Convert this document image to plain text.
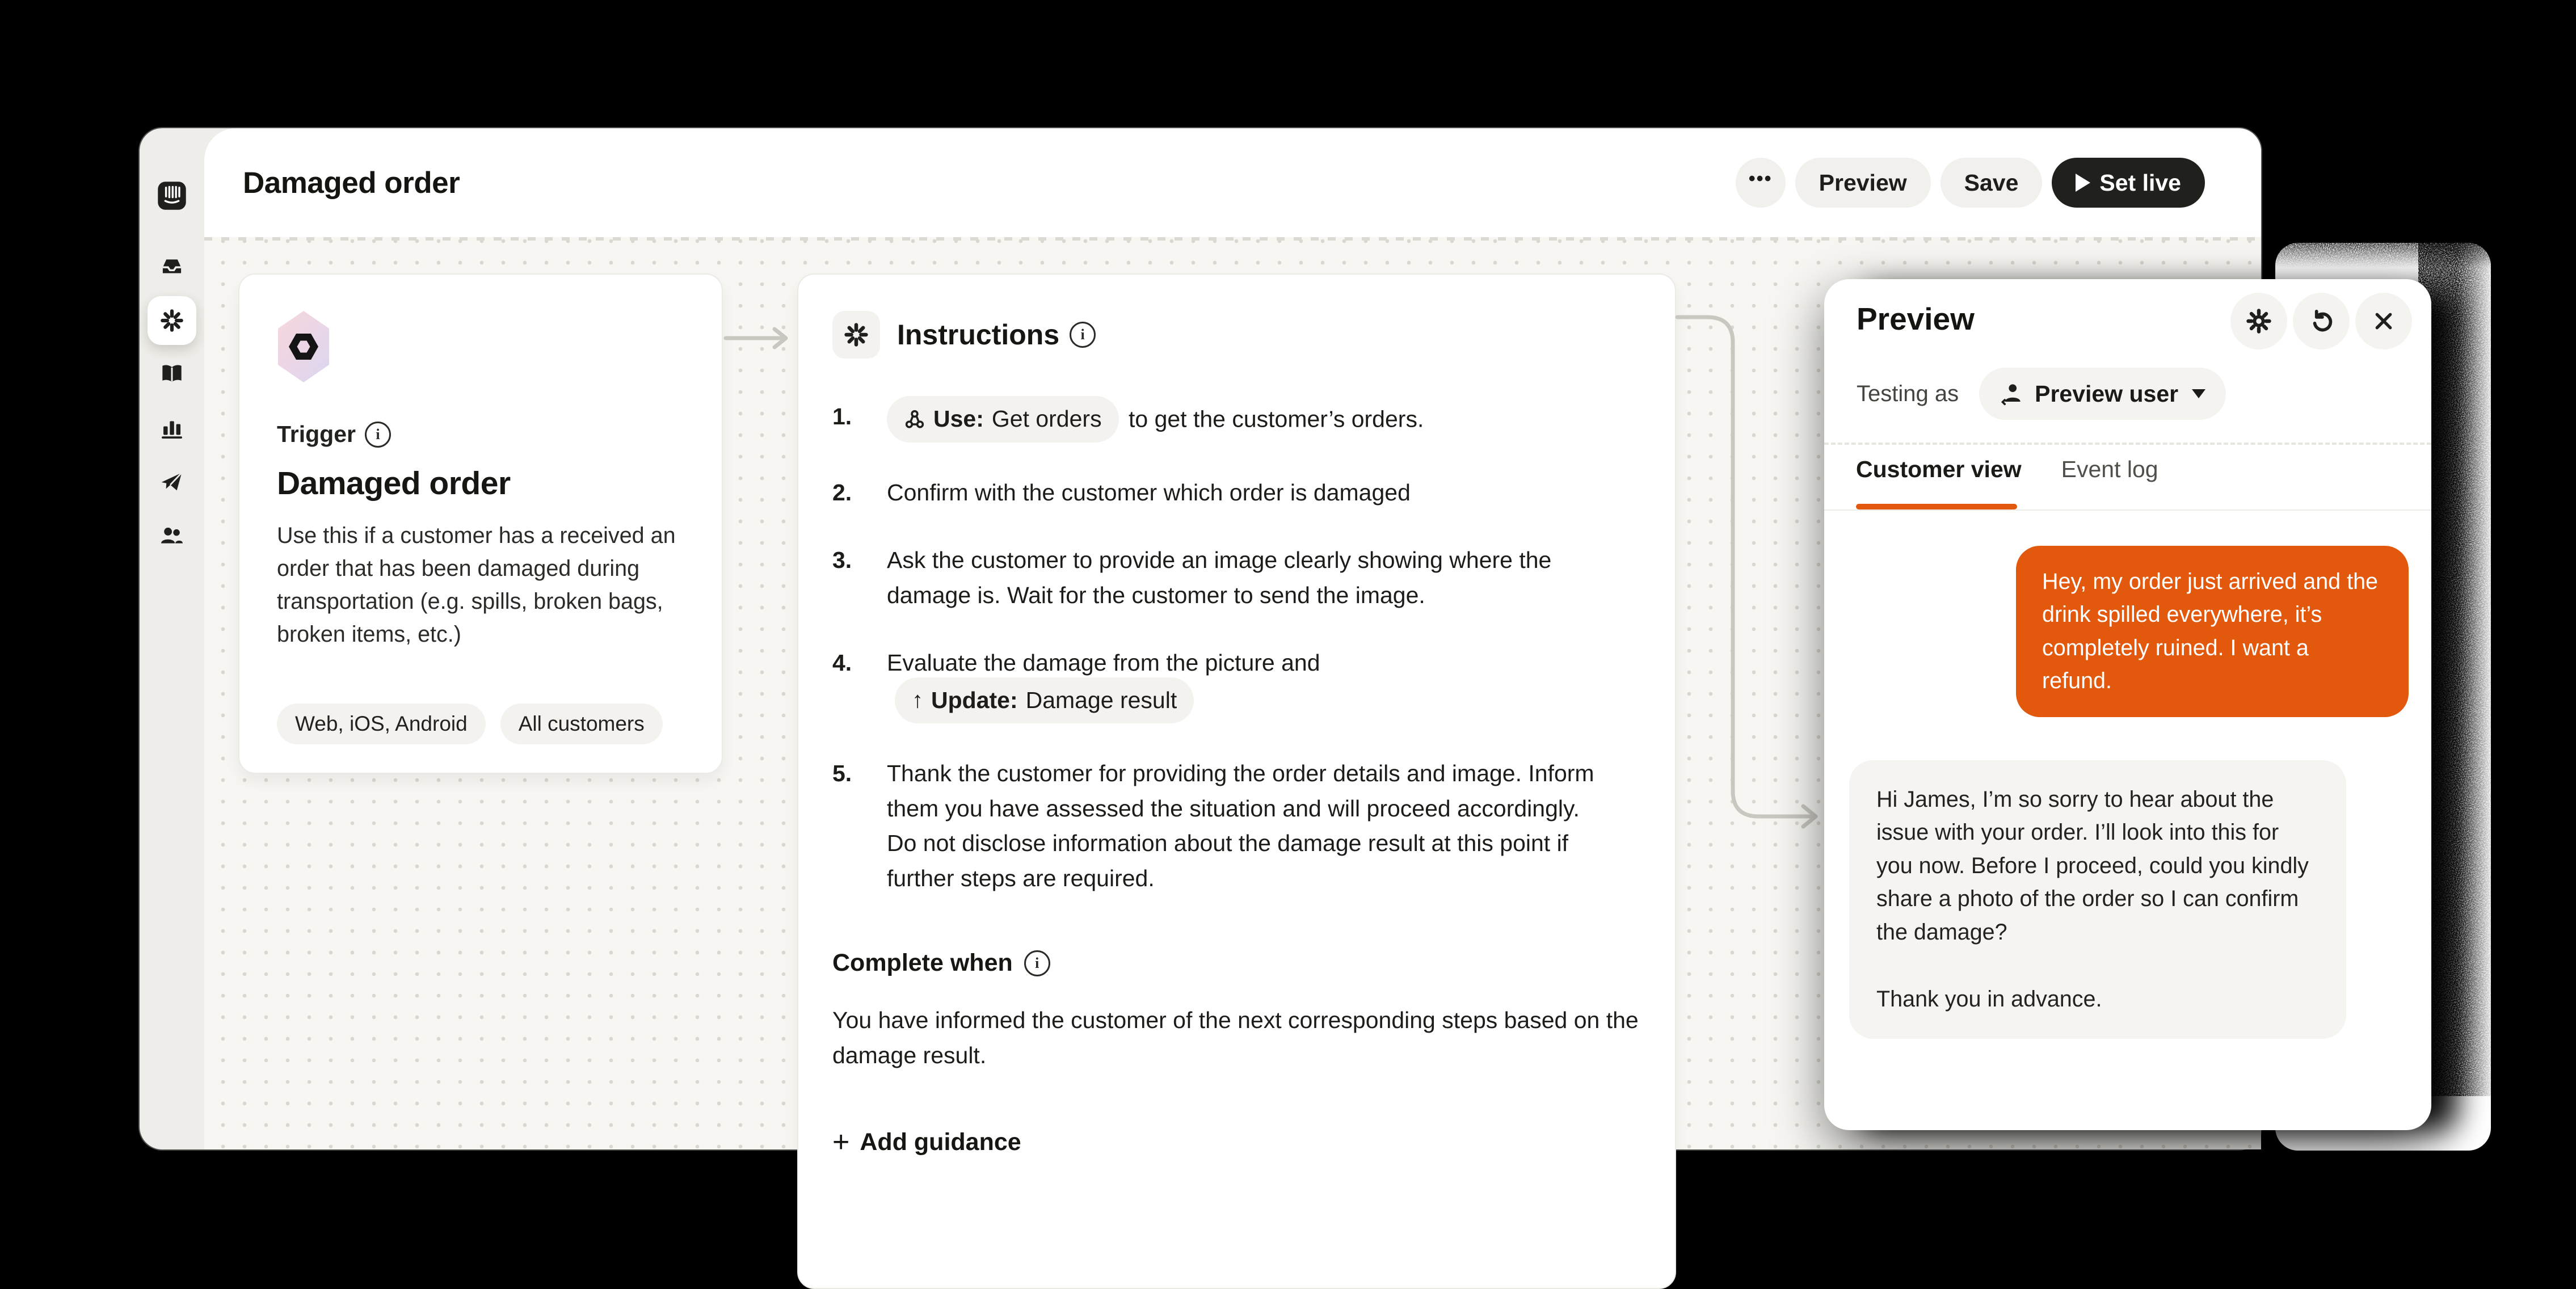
Damaged order	•••	Preview	Save	Set live
Trigger	i
Damaged order

Use this if a customer has a received an order that has been damaged during transportation (e.g. spills, broken bags, broken items, etc.)

Web, iOS, Android	All customers
Instructions	i
1.	Use: Get orders to get the customer’s orders.
2.	Confirm with the customer which order is damaged
3.	Ask the customer to provide an image clearly showing where the damage is. Wait for the customer to send the image.
4.	Evaluate the damage from the picture and
↑ Update: Damage result
5.	Thank the customer for providing the order details and image. Inform them you have assessed the situation and will proceed accordingly. Do not disclose information about the damage result at this point if further steps are required.
Complete when	i

You have informed the customer of the next corresponding steps based on the damage result.

+ Add guidance
Preview
Testing as	Preview user
Customer view Event log
Hey, my order just arrived and the drink spilled everywhere, it’s completely ruined. I want a refund.

Hi James, I’m so sorry to hear about the issue with your order. I’ll look into this for you now. Before I proceed, could you kindly share a photo of the order so I can confirm the damage?

Thank you in advance.
